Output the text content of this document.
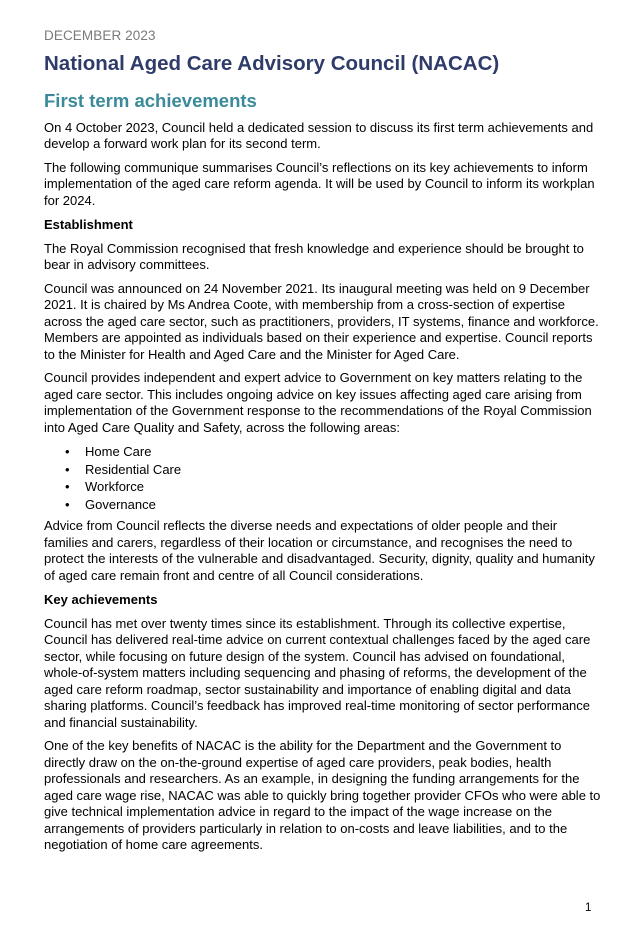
DECEMBER 2023
National Aged Care Advisory Council (NACAC)
First term achievements

On 4 October 2023, Council held a dedicated session to discuss its first term achievements and develop a forward work plan for its second term.

The following communique summarises Council’s reflections on its key achievements to inform implementation of the aged care reform agenda. It will be used by Council to inform its workplan for 2024.

Establishment

The Royal Commission recognised that fresh knowledge and experience should be brought to bear in advisory committees.

Council was announced on 24 November 2021. Its inaugural meeting was held on 9 December 2021. It is chaired by Ms Andrea Coote, with membership from a cross-section of expertise across the aged care sector, such as practitioners, providers, IT systems, finance and workforce. Members are appointed as individuals based on their experience and expertise. Council reports to the Minister for Health and Aged Care and the Minister for Aged Care.

Council provides independent and expert advice to Government on key matters relating to the aged care sector. This includes ongoing advice on key issues affecting aged care arising from implementation of the Government response to the recommendations of the Royal Commission into Aged Care Quality and Safety, across the following areas:

• Home Care
• Residential Care
• Workforce
• Governance

Advice from Council reflects the diverse needs and expectations of older people and their families and carers, regardless of their location or circumstance, and recognises the need to protect the interests of the vulnerable and disadvantaged. Security, dignity, quality and humanity of aged care remain front and centre of all Council considerations.

Key achievements

Council has met over twenty times since its establishment. Through its collective expertise, Council has delivered real-time advice on current contextual challenges faced by the aged care sector, while focusing on future design of the system. Council has advised on foundational, whole-of-system matters including sequencing and phasing of reforms, the development of the aged care reform roadmap, sector sustainability and importance of enabling digital and data sharing platforms. Council’s feedback has improved real-time monitoring of sector performance and financial sustainability.

One of the key benefits of NACAC is the ability for the Department and the Government to directly draw on the on-the-ground expertise of aged care providers, peak bodies, health professionals and researchers. As an example, in designing the funding arrangements for the aged care wage rise, NACAC was able to quickly bring together provider CFOs who were able to give technical implementation advice in regard to the impact of the wage increase on the arrangements of providers particularly in relation to on-costs and leave liabilities, and to the negotiation of home care agreements.

1
